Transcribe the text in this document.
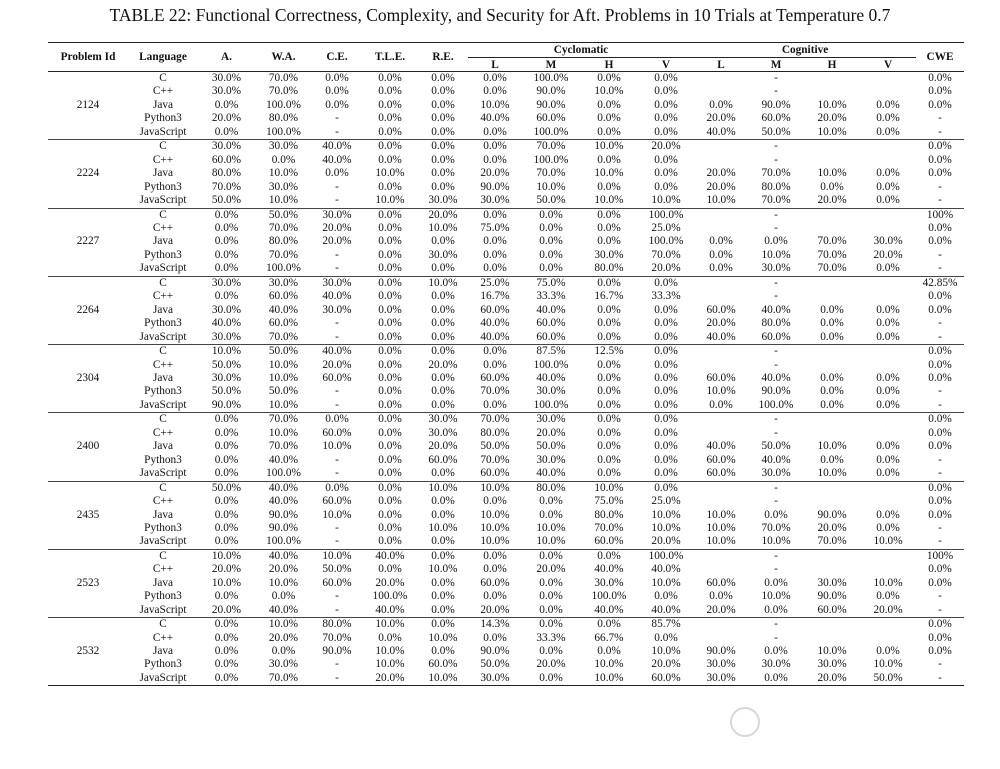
TABLE 22: Functional Correctness, Complexity, and Security for Aft. Problems in 10 Trials at Temperature 0.7
Problem Id	Language	A.	W.A.	C.E.	T.L.E.	R.E.	Cyclomatic				Cognitive				CWE
							L	M	H	V	L	M	H	V	
2124	C	30.0%	70.0%	0.0%	0.0%	0.0%	0.0%	100.0%	0.0%	0.0%		-			0.0%
	C++	30.0%	70.0%	0.0%	0.0%	0.0%	0.0%	90.0%	10.0%	0.0%		-			0.0%
	Java	0.0%	100.0%	0.0%	0.0%	0.0%	10.0%	90.0%	0.0%	0.0%	0.0%	90.0%	10.0%	0.0%	0.0%
	Python3	20.0%	80.0%	-	0.0%	0.0%	40.0%	60.0%	0.0%	0.0%	20.0%	60.0%	20.0%	0.0%	-
	JavaScript	0.0%	100.0%	-	0.0%	0.0%	0.0%	100.0%	0.0%	0.0%	40.0%	50.0%	10.0%	0.0%	-
2224	C	30.0%	30.0%	40.0%	0.0%	0.0%	0.0%	70.0%	10.0%	20.0%		-			0.0%
	C++	60.0%	0.0%	40.0%	0.0%	0.0%	0.0%	100.0%	0.0%	0.0%		-			0.0%
	Java	80.0%	10.0%	0.0%	10.0%	0.0%	20.0%	70.0%	10.0%	0.0%	20.0%	70.0%	10.0%	0.0%	0.0%
	Python3	70.0%	30.0%	-	0.0%	0.0%	90.0%	10.0%	0.0%	0.0%	20.0%	80.0%	0.0%	0.0%	-
	JavaScript	50.0%	10.0%	-	10.0%	30.0%	30.0%	50.0%	10.0%	10.0%	10.0%	70.0%	20.0%	0.0%	-
2227	C	0.0%	50.0%	30.0%	0.0%	20.0%	0.0%	0.0%	0.0%	100.0%		-			100%
	C++	0.0%	70.0%	20.0%	0.0%	10.0%	75.0%	0.0%	0.0%	25.0%		-			0.0%
	Java	0.0%	80.0%	20.0%	0.0%	0.0%	0.0%	0.0%	0.0%	100.0%	0.0%	0.0%	70.0%	30.0%	0.0%
	Python3	0.0%	70.0%	-	0.0%	30.0%	0.0%	0.0%	30.0%	70.0%	0.0%	10.0%	70.0%	20.0%	-
	JavaScript	0.0%	100.0%	-	0.0%	0.0%	0.0%	0.0%	80.0%	20.0%	0.0%	30.0%	70.0%	0.0%	-
2264	C	30.0%	30.0%	30.0%	0.0%	10.0%	25.0%	75.0%	0.0%	0.0%		-			42.85%
	C++	0.0%	60.0%	40.0%	0.0%	0.0%	16.7%	33.3%	16.7%	33.3%		-			0.0%
	Java	30.0%	40.0%	30.0%	0.0%	0.0%	60.0%	40.0%	0.0%	0.0%	60.0%	40.0%	0.0%	0.0%	0.0%
	Python3	40.0%	60.0%	-	0.0%	0.0%	40.0%	60.0%	0.0%	0.0%	20.0%	80.0%	0.0%	0.0%	-
	JavaScript	30.0%	70.0%	-	0.0%	0.0%	40.0%	60.0%	0.0%	0.0%	40.0%	60.0%	0.0%	0.0%	-
2304	C	10.0%	50.0%	40.0%	0.0%	0.0%	0.0%	87.5%	12.5%	0.0%		-			0.0%
	C++	50.0%	10.0%	20.0%	0.0%	20.0%	0.0%	100.0%	0.0%	0.0%		-			0.0%
	Java	30.0%	10.0%	60.0%	0.0%	0.0%	60.0%	40.0%	0.0%	0.0%	60.0%	40.0%	0.0%	0.0%	0.0%
	Python3	50.0%	50.0%	-	0.0%	0.0%	70.0%	30.0%	0.0%	0.0%	10.0%	90.0%	0.0%	0.0%	-
	JavaScript	90.0%	10.0%	-	0.0%	0.0%	0.0%	100.0%	0.0%	0.0%	0.0%	100.0%	0.0%	0.0%	-
2400	C	0.0%	70.0%	0.0%	0.0%	30.0%	70.0%	30.0%	0.0%	0.0%		-			0.0%
	C++	0.0%	10.0%	60.0%	0.0%	30.0%	80.0%	20.0%	0.0%	0.0%		-			0.0%
	Java	0.0%	70.0%	10.0%	0.0%	20.0%	50.0%	50.0%	0.0%	0.0%	40.0%	50.0%	10.0%	0.0%	0.0%
	Python3	0.0%	40.0%	-	0.0%	60.0%	70.0%	30.0%	0.0%	0.0%	60.0%	40.0%	0.0%	0.0%	-
	JavaScript	0.0%	100.0%	-	0.0%	0.0%	60.0%	40.0%	0.0%	0.0%	60.0%	30.0%	10.0%	0.0%	-
2435	C	50.0%	40.0%	0.0%	0.0%	10.0%	10.0%	80.0%	10.0%	0.0%		-			0.0%
	C++	0.0%	40.0%	60.0%	0.0%	0.0%	0.0%	0.0%	75.0%	25.0%		-			0.0%
	Java	0.0%	90.0%	10.0%	0.0%	0.0%	10.0%	0.0%	80.0%	10.0%	10.0%	0.0%	90.0%	0.0%	0.0%
	Python3	0.0%	90.0%	-	0.0%	10.0%	10.0%	10.0%	70.0%	10.0%	10.0%	70.0%	20.0%	0.0%	-
	JavaScript	0.0%	100.0%	-	0.0%	0.0%	10.0%	10.0%	60.0%	20.0%	10.0%	10.0%	70.0%	10.0%	-
2523	C	10.0%	40.0%	10.0%	40.0%	0.0%	0.0%	0.0%	0.0%	100.0%		-			100%
	C++	20.0%	20.0%	50.0%	0.0%	10.0%	0.0%	20.0%	40.0%	40.0%		-			0.0%
	Java	10.0%	10.0%	60.0%	20.0%	0.0%	60.0%	0.0%	30.0%	10.0%	60.0%	0.0%	30.0%	10.0%	0.0%
	Python3	0.0%	0.0%	-	100.0%	0.0%	0.0%	0.0%	100.0%	0.0%	0.0%	10.0%	90.0%	0.0%	-
	JavaScript	20.0%	40.0%	-	40.0%	0.0%	20.0%	0.0%	40.0%	40.0%	20.0%	0.0%	60.0%	20.0%	-
2532	C	0.0%	10.0%	80.0%	10.0%	0.0%	14.3%	0.0%	0.0%	85.7%		-			0.0%
	C++	0.0%	20.0%	70.0%	0.0%	10.0%	0.0%	33.3%	66.7%	0.0%		-			0.0%
	Java	0.0%	0.0%	90.0%	10.0%	0.0%	90.0%	0.0%	0.0%	10.0%	90.0%	0.0%	10.0%	0.0%	0.0%
	Python3	0.0%	30.0%	-	10.0%	60.0%	50.0%	20.0%	10.0%	20.0%	30.0%	30.0%	30.0%	10.0%	-
	JavaScript	0.0%	70.0%	-	20.0%	10.0%	30.0%	0.0%	10.0%	60.0%	30.0%	0.0%	20.0%	50.0%	-
